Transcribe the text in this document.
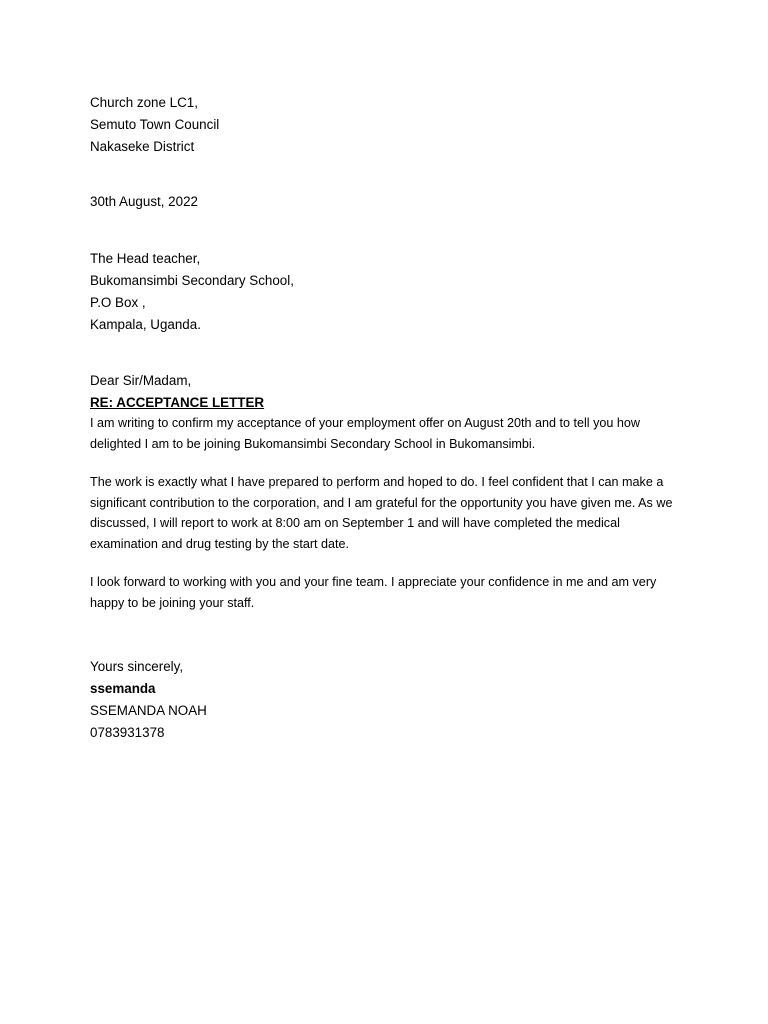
Church zone LC1,
Semuto Town Council
Nakaseke District
30th August, 2022
The Head teacher,
Bukomansimbi Secondary School,
P.O Box ,
Kampala, Uganda.
Dear Sir/Madam,
RE: ACCEPTANCE LETTER
I am writing to confirm my acceptance of your employment offer on August 20th and to tell you how delighted I am to be joining Bukomansimbi Secondary School in Bukomansimbi.
The work is exactly what I have prepared to perform and hoped to do. I feel confident that I can make a significant contribution to the corporation, and I am grateful for the opportunity you have given me. As we discussed, I will report to work at 8:00 am on September 1 and will have completed the medical examination and drug testing by the start date.
I look forward to working with you and your fine team. I appreciate your confidence in me and am very happy to be joining your staff.
Yours sincerely,
ssemanda
SSEMANDA NOAH
0783931378
